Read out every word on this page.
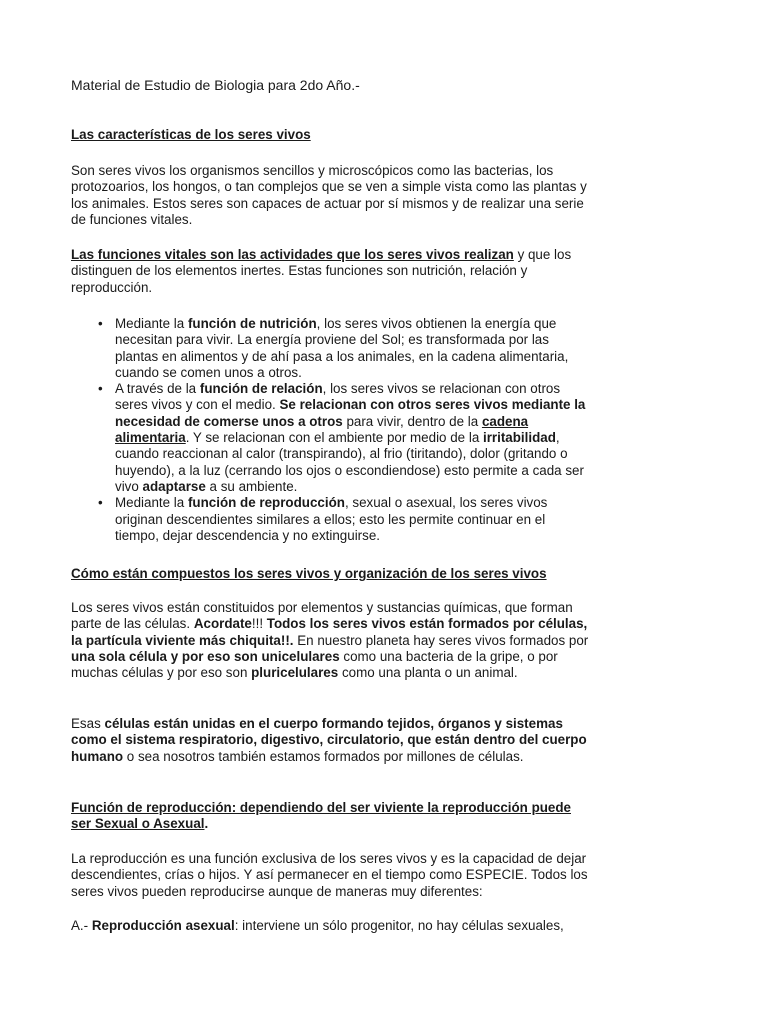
Material de Estudio de Biologia para 2do Año.-
Las características de los seres vivos
Son seres vivos los organismos sencillos y microscópicos como las bacterias, los protozoarios, los hongos, o tan complejos que se ven a simple vista como las plantas y los animales. Estos seres son capaces de actuar por sí mismos y de realizar una serie de funciones vitales.
Las funciones vitales son las actividades que los seres vivos realizan y que los distinguen de los elementos inertes. Estas funciones son nutrición, relación y reproducción.
• Mediante la función de nutrición, los seres vivos obtienen la energía que necesitan para vivir. La energía proviene del Sol; es transformada por las plantas en alimentos y de ahí pasa a los animales, en la cadena alimentaria, cuando se comen unos a otros.
• A través de la función de relación, los seres vivos se relacionan con otros seres vivos y con el medio. Se relacionan con otros seres vivos mediante la necesidad de comerse unos a otros para vivir, dentro de la cadena alimentaria. Y se relacionan con el ambiente por medio de la irritabilidad, cuando reaccionan al calor (transpirando), al frio (tiritando), dolor (gritando o huyendo), a la luz (cerrando los ojos o escondiendose) esto permite a cada ser vivo adaptarse a su ambiente.
• Mediante la función de reproducción, sexual o asexual, los seres vivos originan descendientes similares a ellos; esto les permite continuar en el tiempo, dejar descendencia y no extinguirse.
Cómo están compuestos los seres vivos y organización de los seres vivos
Los seres vivos están constituidos por elementos y sustancias químicas, que forman parte de las células. Acordate!!! Todos los seres vivos están formados por células, la partícula viviente más chiquita!!. En nuestro planeta hay seres vivos formados por una sola célula y por eso son unicelulares como una bacteria de la gripe, o por muchas células y por eso son pluricelulares como una planta o un animal.
Esas células están unidas en el cuerpo formando tejidos, órganos y sistemas como el sistema respiratorio, digestivo, circulatorio, que están dentro del cuerpo humano o sea nosotros también estamos formados por millones de células.
Función de reproducción: dependiendo del ser viviente la reproducción puede ser Sexual o Asexual.
La reproducción es una función exclusiva de los seres vivos y es la capacidad de dejar descendientes, crías o hijos. Y así permanecer en el tiempo como ESPECIE. Todos los seres vivos pueden reproducirse aunque de maneras muy diferentes:
A.- Reproducción asexual: interviene un sólo progenitor, no hay células sexuales,
